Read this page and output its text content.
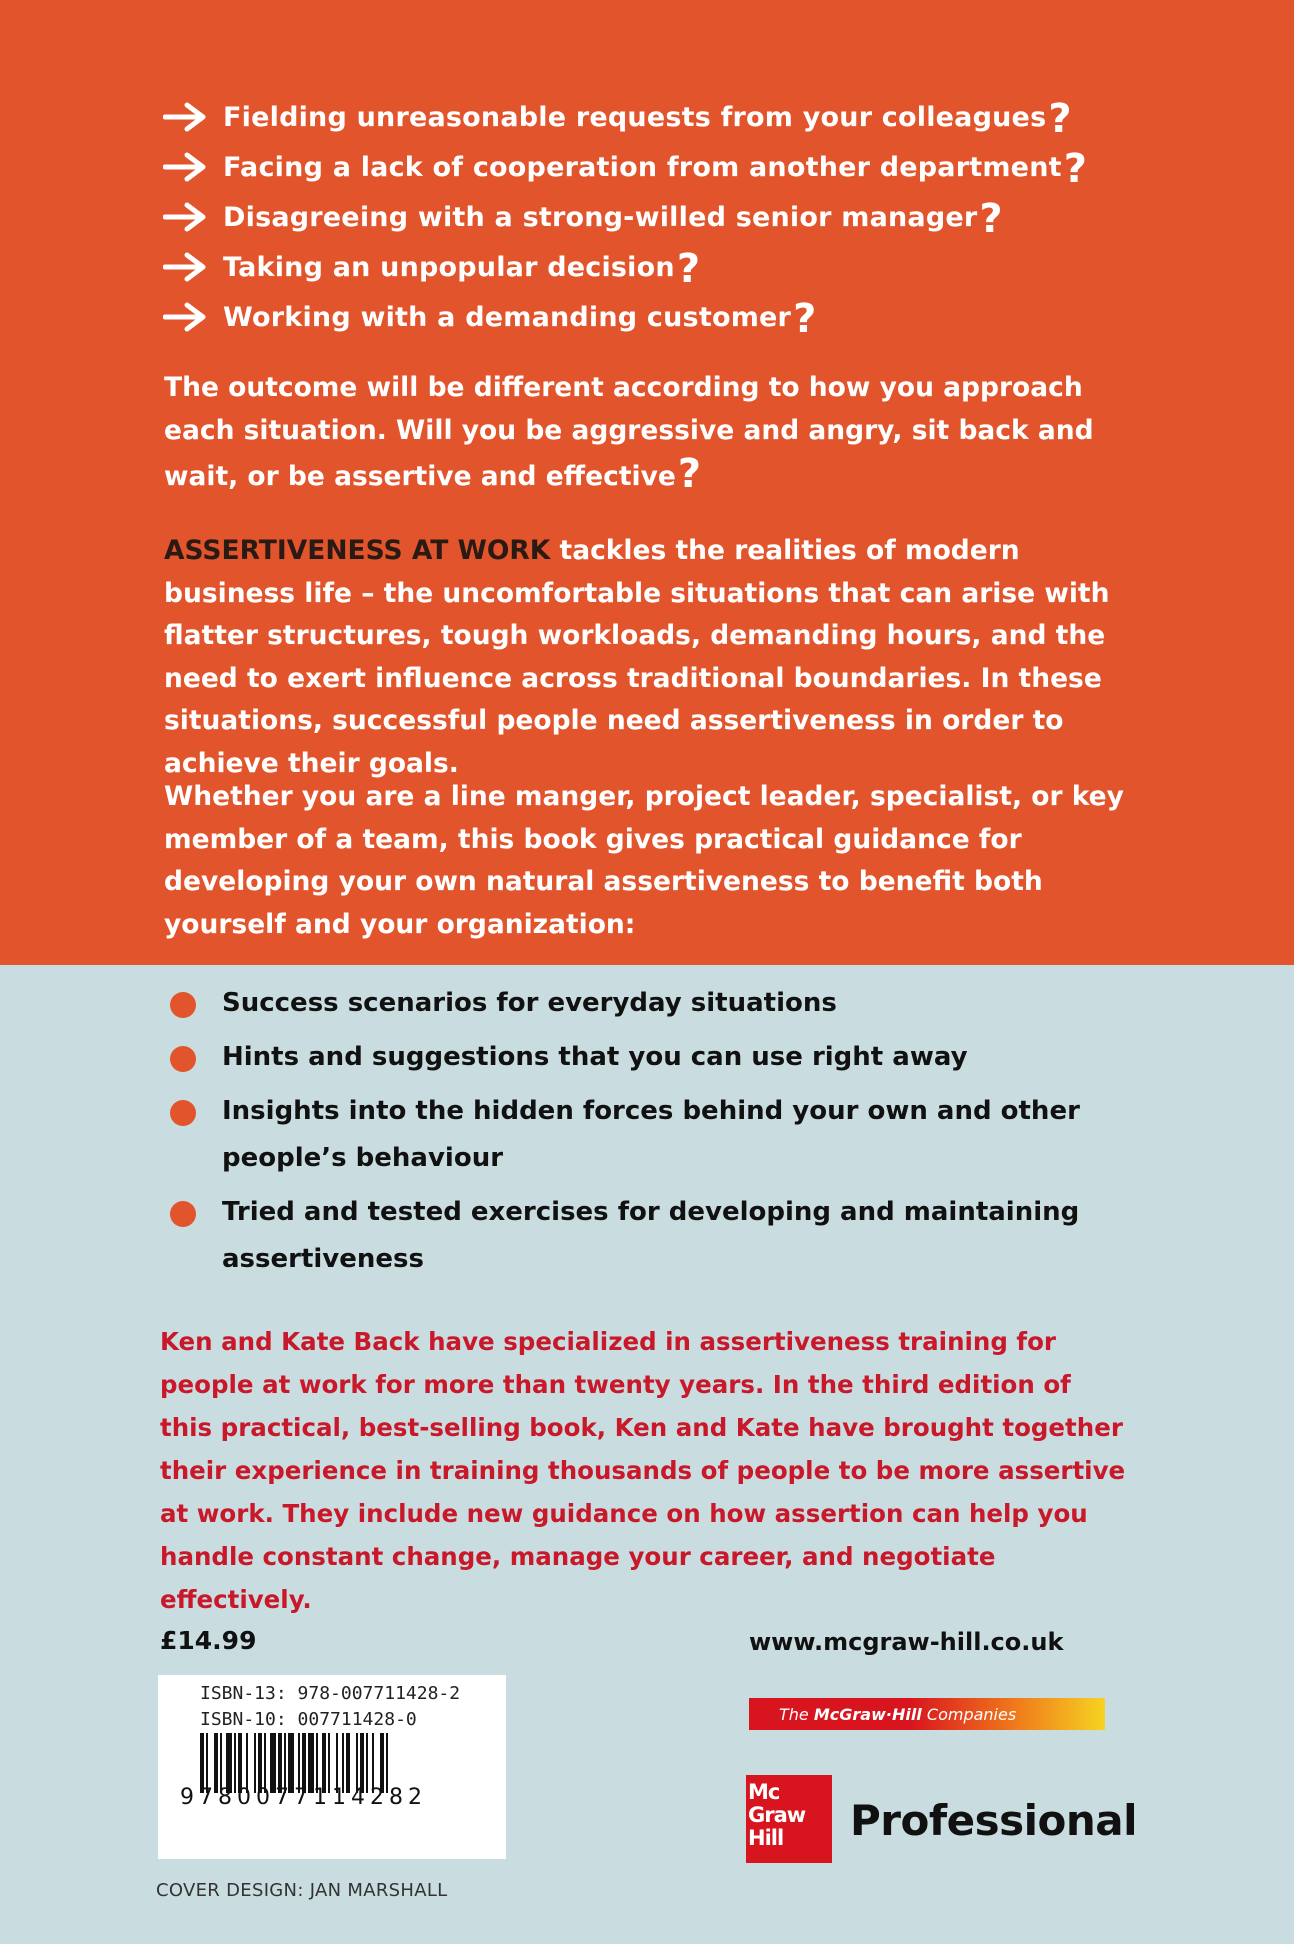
Fielding unreasonable requests from your colleagues ?
Facing a lack of cooperation from another department ?
Disagreeing with a strong-willed senior manager ?
Taking an unpopular decision ?
Working with a demanding customer ?

The outcome will be different according to how you approach each situation. Will you be aggressive and angry, sit back and wait, or be assertive and effective?

ASSERTIVENESS AT WORK tackles the realities of modern business life – the uncomfortable situations that can arise with flatter structures, tough workloads, demanding hours, and the need to exert influence across traditional boundaries. In these situations, successful people need assertiveness in order to achieve their goals.

Whether you are a line manger, project leader, specialist, or key member of a team, this book gives practical guidance for developing your own natural assertiveness to benefit both yourself and your organization:

Success scenarios for everyday situations
Hints and suggestions that you can use right away
Insights into the hidden forces behind your own and other people’s behaviour
Tried and tested exercises for developing and maintaining assertiveness

Ken and Kate Back have specialized in assertiveness training for people at work for more than twenty years. In the third edition of this practical, best-selling book, Ken and Kate have brought together their experience in training thousands of people to be more assertive at work. They include new guidance on how assertion can help you handle constant change, manage your career, and negotiate effectively.

£14.99
ISBN-13: 978-007711428-2
ISBN-10: 007711428-0
9780077114282
COVER DESIGN: JAN MARSHALL
www.mcgraw-hill.co.uk
The
McGraw·Hill
Companies
Mc
Graw
Hill	Professional
